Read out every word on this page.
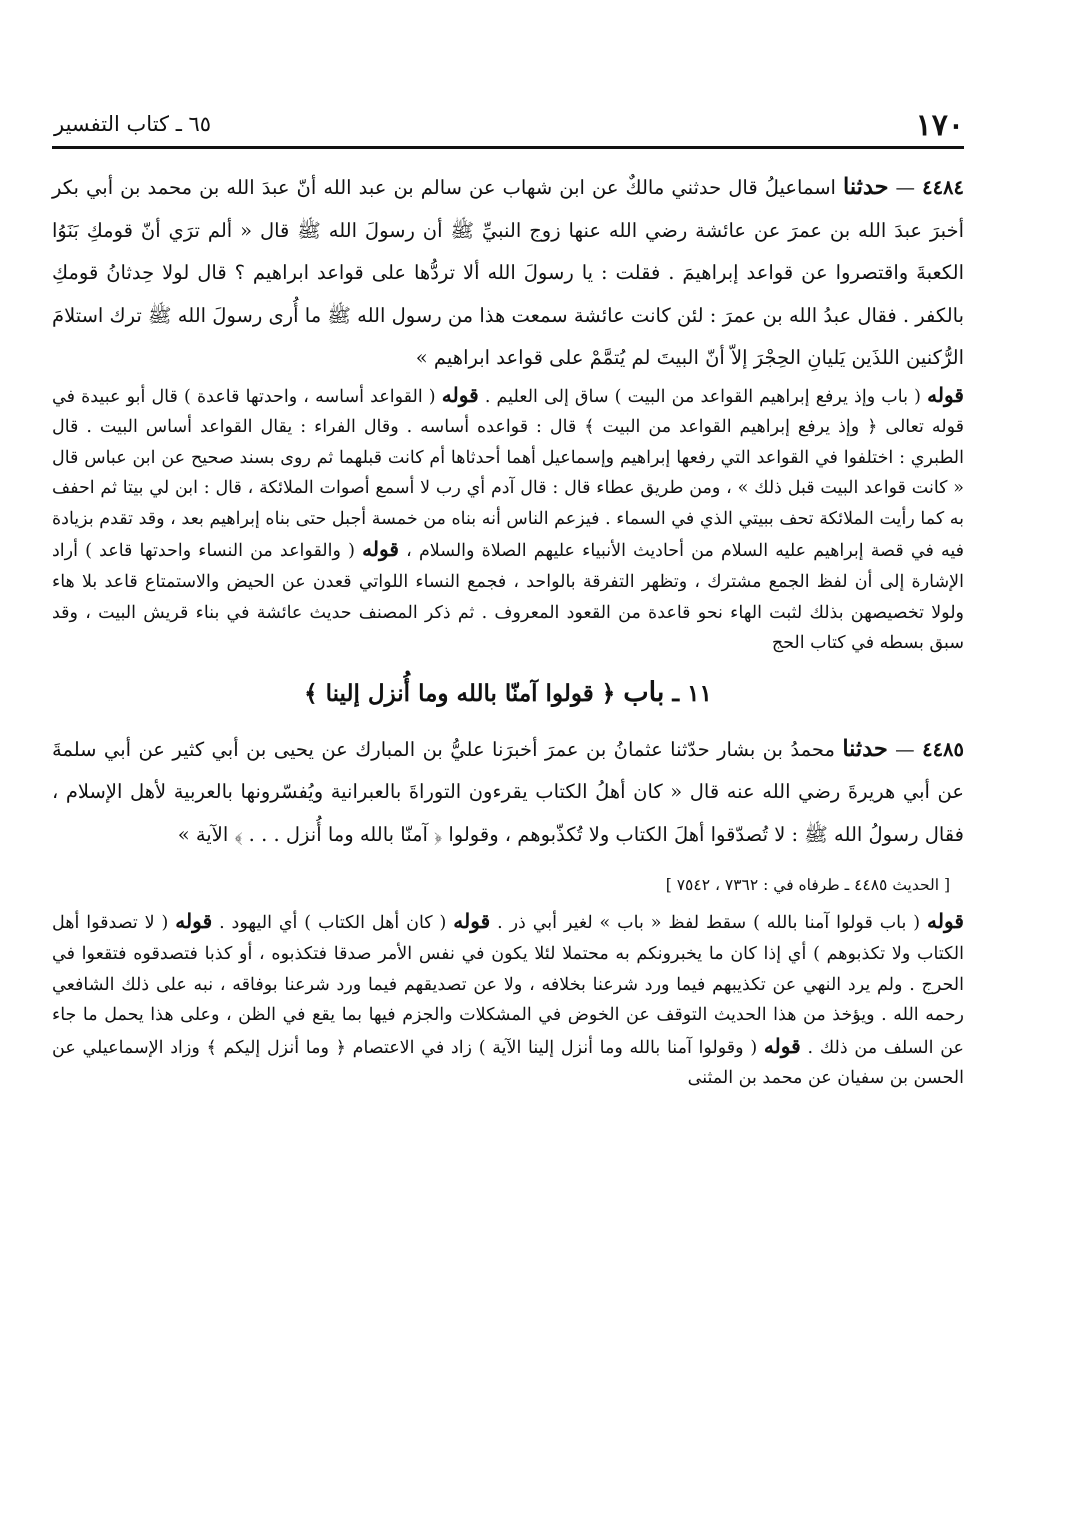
١٧٠
٦٥ ـ كتاب التفسير

٤٤٨٤ — حدثنا اسماعيلُ قال حدثني مالكٌ عن ابن شهاب عن سالم بن عبد الله أنّ عبدَ الله بن محمد بن أبي بكر أخبرَ عبدَ الله بن عمرَ عن عائشة رضي الله عنها زوج النبيِّ ﷺ أن رسولَ الله ﷺ قال « ألم ترَي أنّ قومكِ بَنَوُا الكعبةَ واقتصروا عن قواعد إبراهيمَ . فقلت : يا رسولَ الله ألا تردُّها على قواعد ابراهيم ؟ قال لولا حِدثانُ قومكِ بالكفر . فقال عبدُ الله بن عمرَ : لئن كانت عائشة سمعت هذا من رسول الله ﷺ ما أُرى رسولَ الله ﷺ ترك استلامَ الرُّكنين اللذَين يَليانِ الحِجْرَ إلاّ أنّ البيتَ لم يُتمَّمْ على قواعد ابراهيم »

قوله ( باب وإذ يرفع إبراهيم القواعد من البيت ) ساق إلى العليم . قوله ( القواعد أساسه ، واحدتها قاعدة ) قال أبو عبيدة في قوله تعالى ﴿ وإذ يرفع إبراهيم القواعد من البيت ﴾ قال : قواعده أساسه . وقال الفراء : يقال القواعد أساس البيت . قال الطبري : اختلفوا في القواعد التي رفعها إبراهيم وإسماعيل أهما أحدثاها أم كانت قبلهما ثم روى بسند صحيح عن ابن عباس قال « كانت قواعد البيت قبل ذلك » ، ومن طريق عطاء قال : قال آدم أي رب لا أسمع أصوات الملائكة ، قال : ابن لي بيتا ثم احفف به كما رأيت الملائكة تحف ببيتي الذي في السماء . فيزعم الناس أنه بناه من خمسة أجبل حتى بناه إبراهيم بعد ، وقد تقدم بزيادة فيه في قصة إبراهيم عليه السلام من أحاديث الأنبياء عليهم الصلاة والسلام ، قوله ( والقواعد من النساء واحدتها قاعد ) أراد الإشارة إلى أن لفظ الجمع مشترك ، وتظهر التفرقة بالواحد ، فجمع النساء اللواتي قعدن عن الحيض والاستمتاع قاعد بلا هاء ولولا تخصيصهن بذلك لثبت الهاء نحو قاعدة من القعود المعروف . ثم ذكر المصنف حديث عائشة في بناء قريش البيت ، وقد سبق بسطه في كتاب الحج

١١ ـ باب ﴿ قولوا آمنّا بالله وما أُنزل إلينا ﴾

٤٤٨٥ — حدثنا محمدُ بن بشار حدّثنا عثمانُ بن عمرَ أخبرَنا عليُّ بن المبارك عن يحيى بن أبي كثير عن أبي سلمةَ عن أبي هريرةَ رضي الله عنه قال « كان أهلُ الكتاب يقرءون التوراةَ بالعبرانية ويُفسّرونها بالعربية لأهل الإسلام ، فقال رسولُ الله ﷺ : لا تُصدّقوا أهلَ الكتاب ولا تُكذّبوهم ، وقولوا ﴿ آمنّا بالله وما أُنزل . . . ﴾ الآية »

[ الحديث ٤٤٨٥ ـ طرفاه في : ٧٣٦٢ ، ٧٥٤٢ ]

قوله ( باب قولوا آمنا بالله ) سقط لفظ « باب » لغير أبي ذر . قوله ( كان أهل الكتاب ) أي اليهود . قوله ( لا تصدقوا أهل الكتاب ولا تكذبوهم ) أي إذا كان ما يخبرونكم به محتملا لئلا يكون في نفس الأمر صدقا فتكذبوه ، أو كذبا فتصدقوه فتقعوا في الحرج . ولم يرد النهي عن تكذيبهم فيما ورد شرعنا بخلافه ، ولا عن تصديقهم فيما ورد شرعنا بوفاقه ، نبه على ذلك الشافعي رحمه الله . ويؤخذ من هذا الحديث التوقف عن الخوض في المشكلات والجزم فيها بما يقع في الظن ، وعلى هذا يحمل ما جاء عن السلف من ذلك . قوله ( وقولوا آمنا بالله وما أنزل إلينا الآية ) زاد في الاعتصام ﴿ وما أنزل إليكم ﴾ وزاد الإسماعيلي عن الحسن بن سفيان عن محمد بن المثنى
